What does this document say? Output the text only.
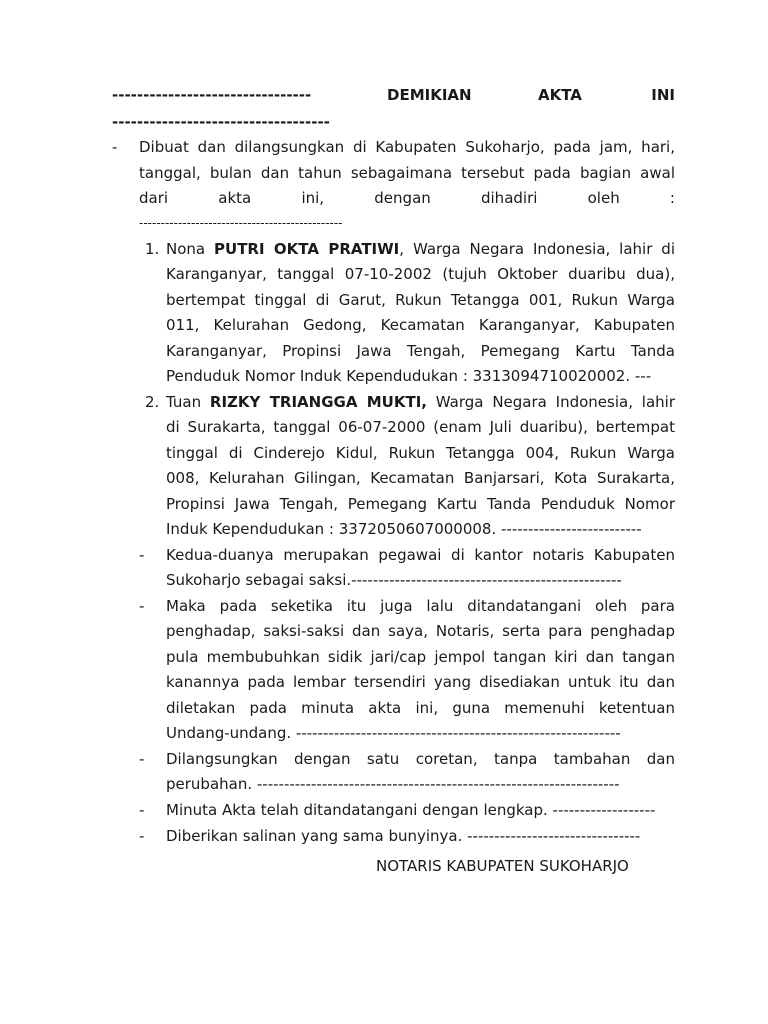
--------------------------------	DEMIKIAN	AKTA	INI
-----------------------------------
- Dibuat dan dilangsungkan di Kabupaten Sukoharjo, pada jam, hari,
tanggal, bulan dan tahun sebagaimana tersebut pada bagian awal
dari akta ini, dengan dihadiri oleh :
-----------------------------------------------
1. Nona PUTRI OKTA PRATIWI, Warga Negara Indonesia, lahir di
Karanganyar, tanggal 07-10-2002 (tujuh Oktober duaribu dua),
bertempat tinggal di Garut, Rukun Tetangga 001, Rukun Warga
011, Kelurahan Gedong, Kecamatan Karanganyar, Kabupaten
Karanganyar, Propinsi Jawa Tengah, Pemegang Kartu Tanda
Penduduk Nomor Induk Kependudukan : 3313094710020002. ---
2. Tuan RIZKY TRIANGGA MUKTI, Warga Negara Indonesia, lahir
di Surakarta, tanggal 06-07-2000 (enam Juli duaribu), bertempat
tinggal di Cinderejo Kidul, Rukun Tetangga 004, Rukun Warga
008, Kelurahan Gilingan, Kecamatan Banjarsari, Kota Surakarta,
Propinsi Jawa Tengah, Pemegang Kartu Tanda Penduduk Nomor
Induk Kependudukan : 3372050607000008. --------------------------
- Kedua-duanya merupakan pegawai di kantor notaris Kabupaten
Sukoharjo sebagai saksi.--------------------------------------------------
- Maka pada seketika itu juga lalu ditandatangani oleh para
penghadap, saksi-saksi dan saya, Notaris, serta para penghadap
pula membubuhkan sidik jari/cap jempol tangan kiri dan tangan
kanannya pada lembar tersendiri yang disediakan untuk itu dan
diletakan pada minuta akta ini, guna memenuhi ketentuan
Undang-undang. ------------------------------------------------------------
- Dilangsungkan dengan satu coretan, tanpa tambahan dan
perubahan. -------------------------------------------------------------------
- Minuta Akta telah ditandatangani dengan lengkap. -------------------
- Diberikan salinan yang sama bunyinya. --------------------------------
NOTARIS KABUPATEN SUKOHARJO
